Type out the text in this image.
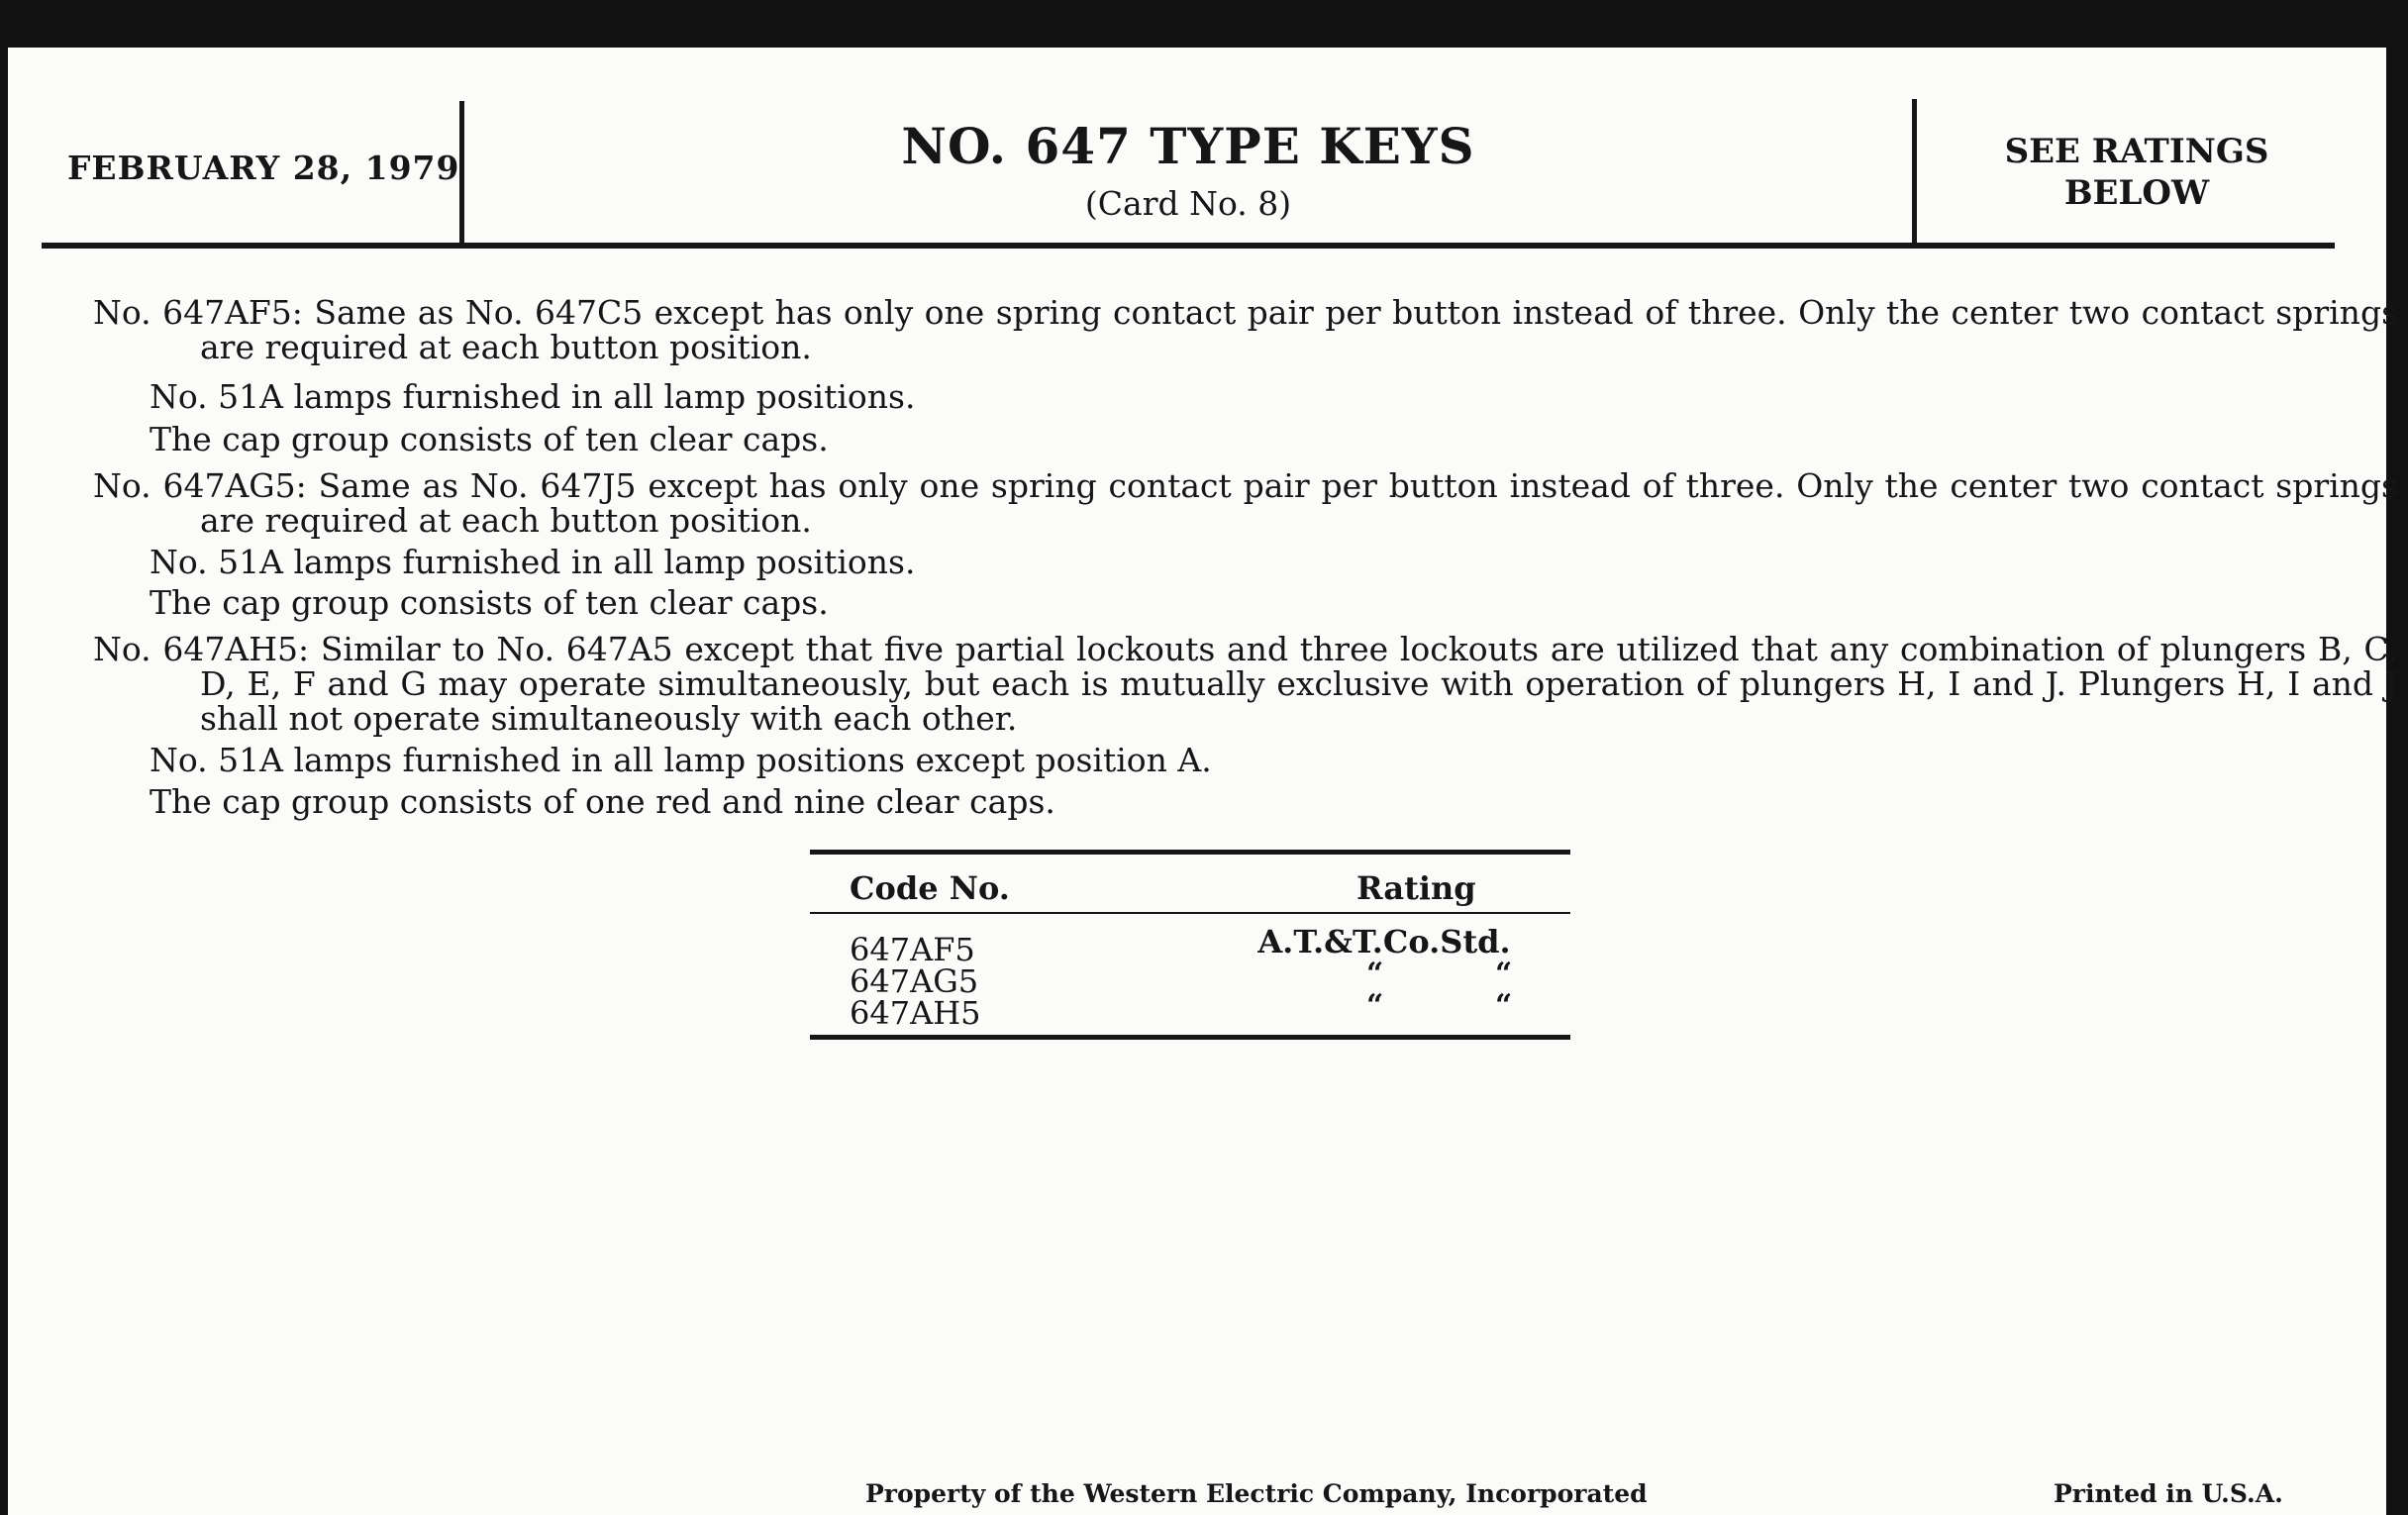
FEBRUARY 28, 1979	NO. 647 TYPE KEYS
(Card No. 8)
SEE RATINGS
BELOW
No. 647AF5: Same as No. 647C5 except has only one spring contact pair per button instead of three. Only the center two contact springs are required at each button position.
No. 51A lamps furnished in all lamp positions.
The cap group consists of ten clear caps.
No. 647AG5: Same as No. 647J5 except has only one spring contact pair per button instead of three. Only the center two contact springs are required at each button position.
No. 51A lamps furnished in all lamp positions.
The cap group consists of ten clear caps.
No. 647AH5: Similar to No. 647A5 except that five partial lockouts and three lockouts are utilized that any combination of plungers B, C, D, E, F and G may operate simultaneously, but each is mutually exclusive with operation of plungers H, I and J. Plungers H, I and J shall not operate simultaneously with each other.
No. 51A lamps furnished in all lamp positions except position A.
The cap group consists of one red and nine clear caps.
Code No.	Rating
647AF5	A.T.&T.Co.Std.
647AG5	“	“
647AH5	“	“
Property of the Western Electric Company, Incorporated	Printed in U.S.A.
